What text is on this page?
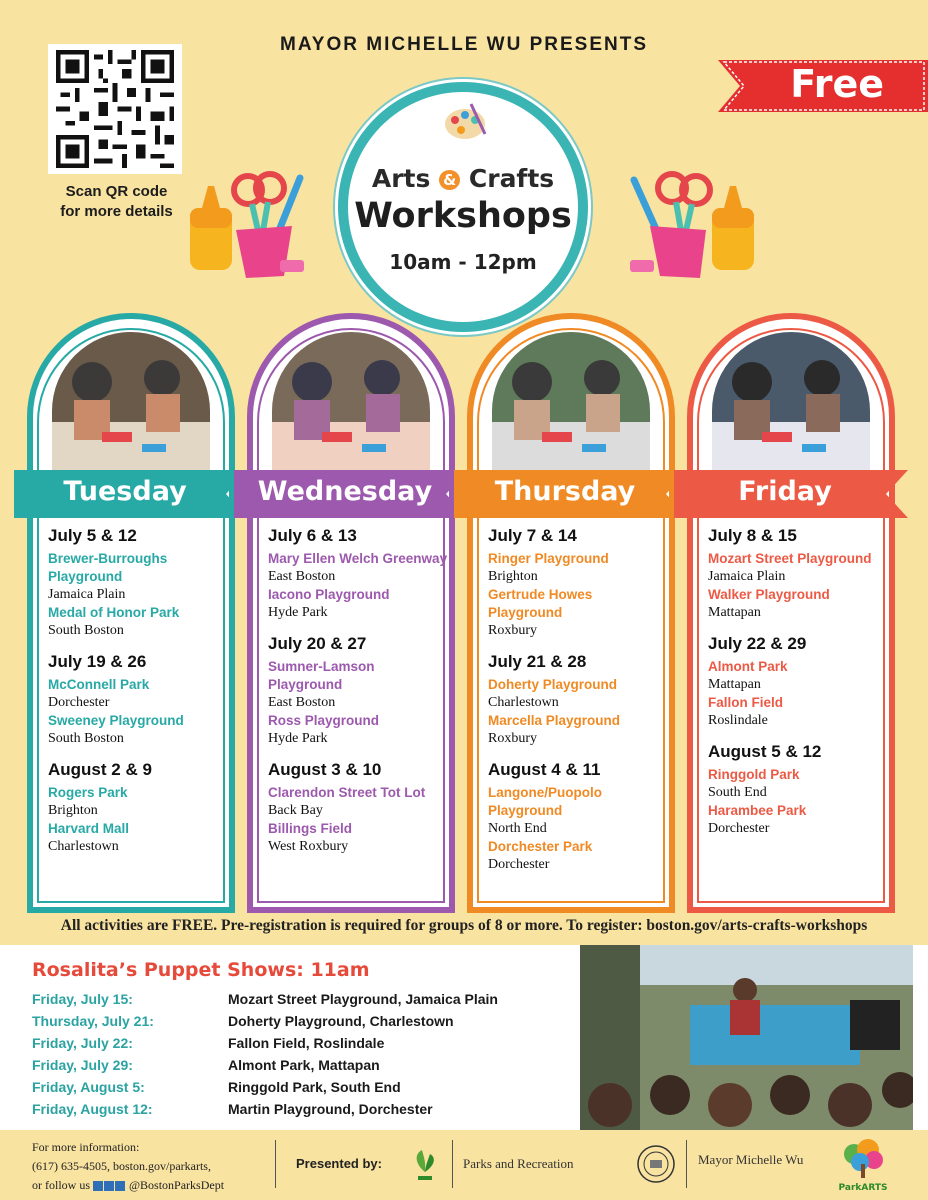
MAYOR MICHELLE WU PRESENTS
Scan QR code
for more details
Free
Arts & Crafts
Workshops
10am - 12pm
Tuesday
July 5 & 12
Brewer-Burroughs Playground
Jamaica Plain
Medal of Honor Park
South Boston
July 19 & 26
McConnell Park
Dorchester
Sweeney Playground
South Boston
August 2 & 9
Rogers Park
Brighton
Harvard Mall
Charlestown
Wednesday
July 6 & 13
Mary Ellen Welch Greenway
East Boston
Iacono Playground
Hyde Park
July 20 & 27
Sumner-Lamson Playground
East Boston
Ross Playground
Hyde Park
August 3 & 10
Clarendon Street Tot Lot
Back Bay
Billings Field
West Roxbury
Thursday
July 7 & 14
Ringer Playground
Brighton
Gertrude Howes Playground
Roxbury
July 21 & 28
Doherty Playground
Charlestown
Marcella Playground
Roxbury
August 4 & 11
Langone/Puopolo Playground
North End
Dorchester Park
Dorchester
Friday
July 8 & 15
Mozart Street Playground
Jamaica Plain
Walker Playground
Mattapan
July 22 & 29
Almont Park
Mattapan
Fallon Field
Roslindale
August 5 & 12
Ringgold Park
South End
Harambee Park
Dorchester
All activities are FREE. Pre-registration is required for groups of 8 or more. To register: boston.gov/arts-crafts-workshops
Rosalita’s Puppet Shows: 11am
Friday, July 15:	Mozart Street Playground, Jamaica Plain
Thursday, July 21:	Doherty Playground, Charlestown
Friday, July 22:	Fallon Field, Roslindale
Friday, July 29:	Almont Park, Mattapan
Friday, August 5:	Ringgold Park, South End
Friday, August 12:	Martin Playground, Dorchester
For more information:
(617) 635-4505, boston.gov/parkarts,
or follow us	@BostonParksDept
Presented by:	Parks and Recreation	Mayor Michelle Wu
ParkARTS
